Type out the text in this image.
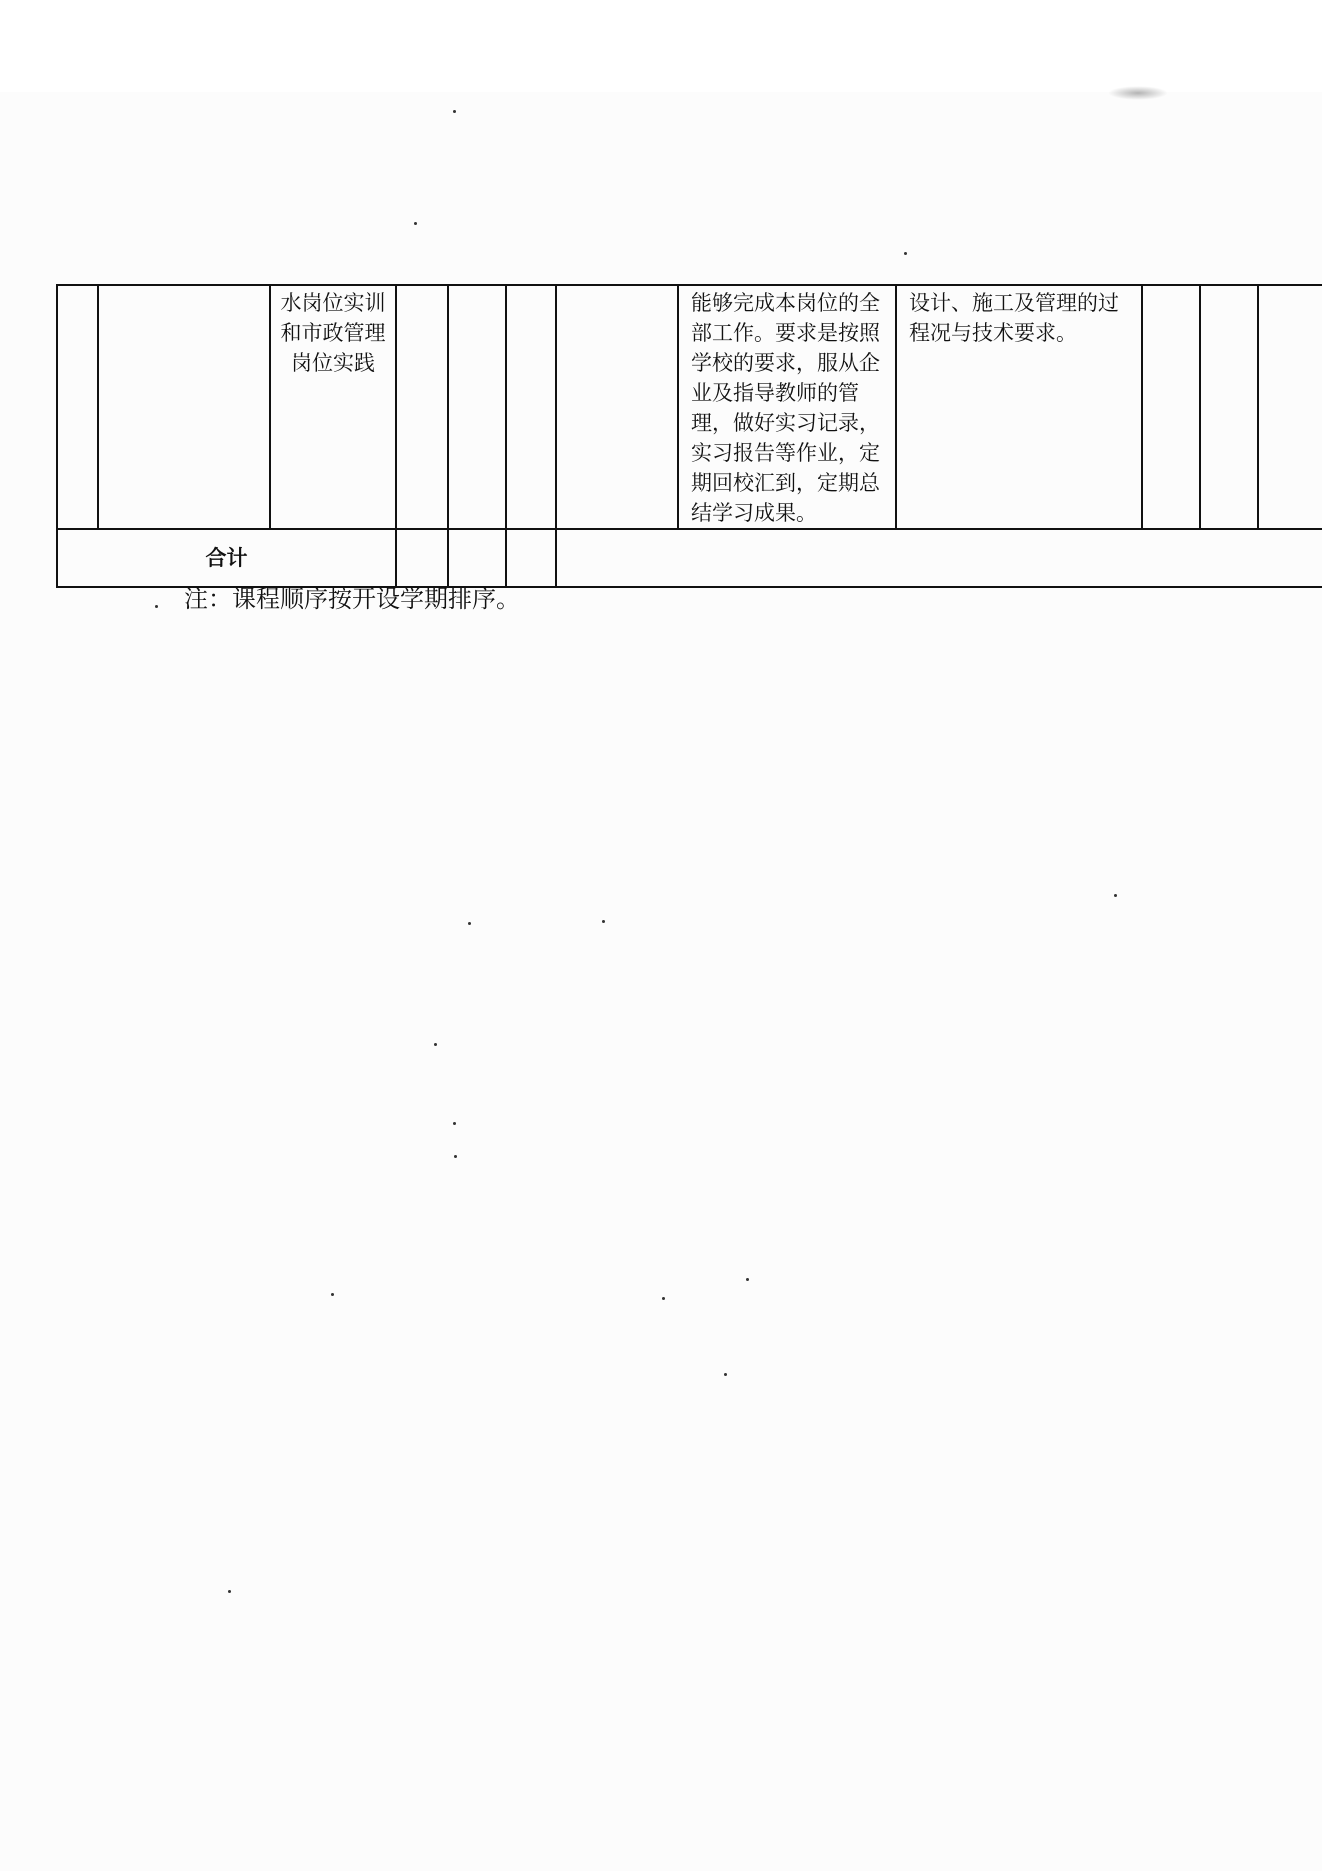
		水岗位实训和市政管理岗位实践					能够完成本岗位的全部工作。要求是按照学校的要求，服从企业及指导教师的管理，做好实习记录，实习报告等作业，定期回校汇到，定期总结学习成果。	设计、施工及管理的过程况与技术要求。			
合计											
注：课程顺序按开设学期排序。
